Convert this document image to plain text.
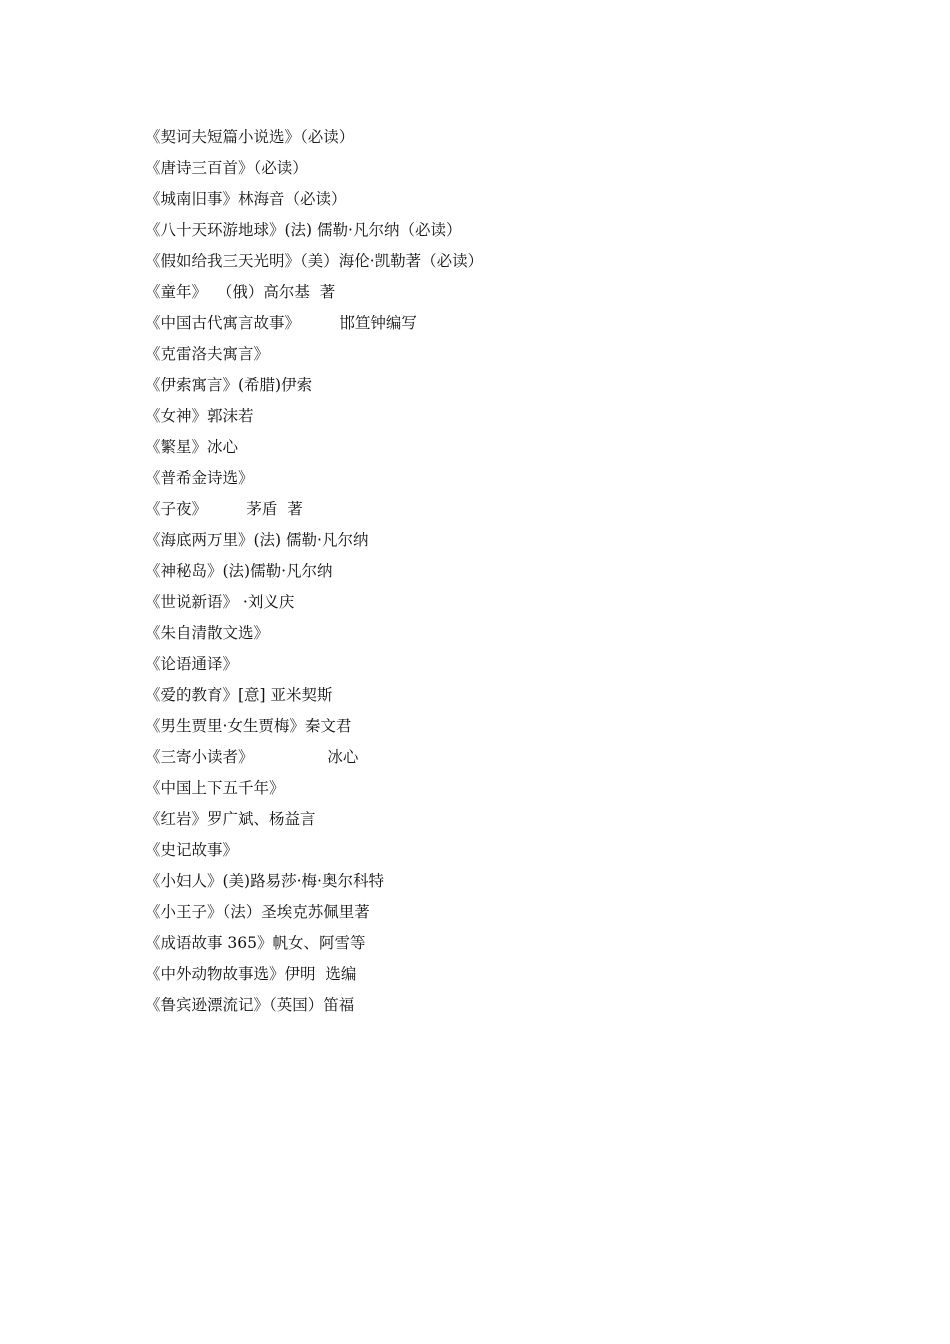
《契诃夫短篇小说选》（必读）
《唐诗三百首》（必读）
《城南旧事》林海音（必读）
《八十天环游地球》(法) 儒勒·凡尔纳（必读）
《假如给我三天光明》（美）海伦·凯勒著（必读）
《童年》  （俄）高尔基  著
《中国古代寓言故事》        邯笪钟编写
《克雷洛夫寓言》
《伊索寓言》(希腊)伊索
《女神》郭沫若
《繁星》冰心
《普希金诗选》
《子夜》        茅盾  著
《海底两万里》(法) 儒勒·凡尔纳
《神秘岛》(法)儒勒·凡尔纳
《世说新语》 ·刘义庆
《朱自清散文选》
《论语通译》
《爱的教育》[意] 亚米契斯
《男生贾里·女生贾梅》秦文君
《三寄小读者》               冰心
《中国上下五千年》
《红岩》罗广斌、杨益言
《史记故事》
《小妇人》(美)路易莎·梅·奥尔科特
《小王子》（法）圣埃克苏佩里著
《成语故事 365》帆女、阿雪等
《中外动物故事选》伊明  选编
《鲁宾逊漂流记》（英国）笛福
